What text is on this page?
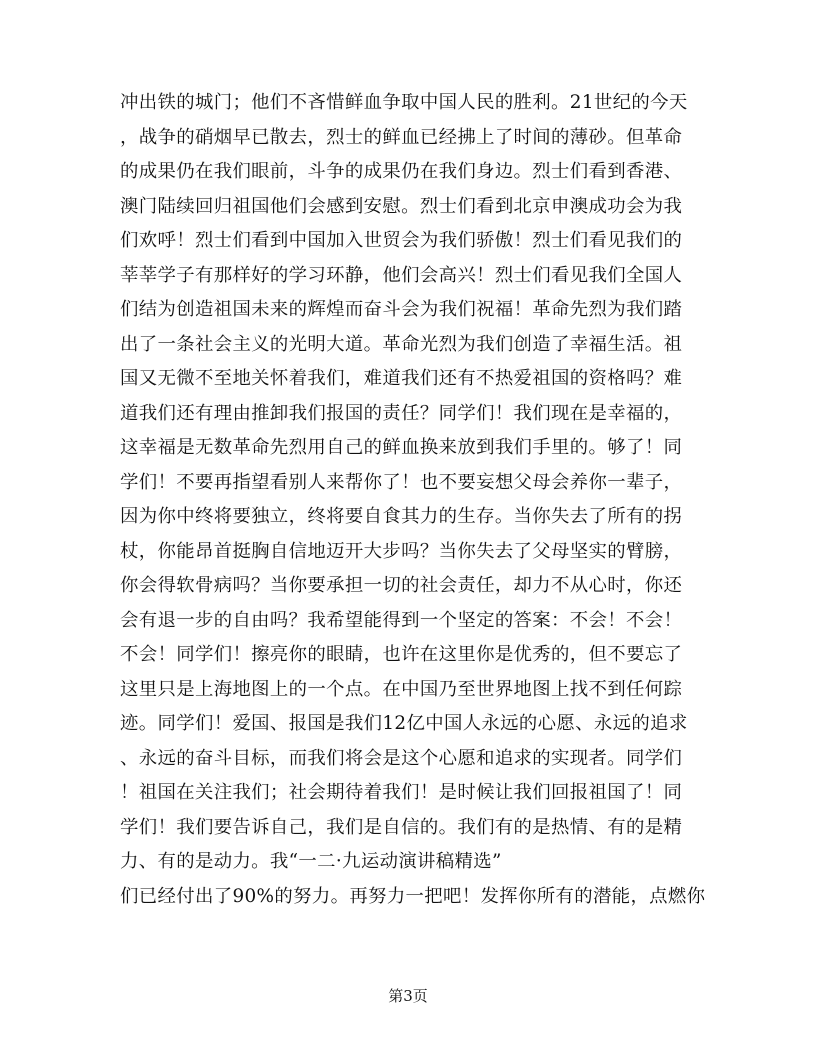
冲出铁的城门；他们不吝惜鲜血争取中国人民的胜利。21世纪的今天
，战争的硝烟早已散去，烈士的鲜血已经拂上了时间的薄砂。但革命
的成果仍在我们眼前，斗争的成果仍在我们身边。烈士们看到香港、
澳门陆续回归祖国他们会感到安慰。烈士们看到北京申澳成功会为我
们欢呼！烈士们看到中国加入世贸会为我们骄傲！烈士们看见我们的
莘莘学子有那样好的学习环静，他们会高兴！烈士们看见我们全国人
们结为创造祖国未来的辉煌而奋斗会为我们祝福！革命先烈为我们踏
出了一条社会主义的光明大道。革命光烈为我们创造了幸福生活。祖
国又无微不至地关怀着我们，难道我们还有不热爱祖国的资格吗？难
道我们还有理由推卸我们报国的责任？同学们！我们现在是幸福的，
这幸福是无数革命先烈用自己的鲜血换来放到我们手里的。够了！同
学们！不要再指望看别人来帮你了！也不要妄想父母会养你一辈子，
因为你中终将要独立，终将要自食其力的生存。当你失去了所有的拐
杖，你能昂首挺胸自信地迈开大步吗？当你失去了父母坚实的臂膀，
你会得软骨病吗？当你要承担一切的社会责任，却力不从心时，你还
会有退一步的自由吗？我希望能得到一个坚定的答案：不会！不会！
不会！同学们！擦亮你的眼睛，也许在这里你是优秀的，但不要忘了
这里只是上海地图上的一个点。在中国乃至世界地图上找不到任何踪
迹。同学们！爱国、报国是我们12亿中国人永远的心愿、永远的追求
、永远的奋斗目标，而我们将会是这个心愿和追求的实现者。同学们
！祖国在关注我们；社会期待着我们！是时候让我们回报祖国了！同
学们！我们要告诉自己，我们是自信的。我们有的是热情、有的是精
力、有的是动力。我“一二·九运动演讲稿精选”
们已经付出了90%的努力。再努力一把吧！发挥你所有的潜能，点燃你
第3页
